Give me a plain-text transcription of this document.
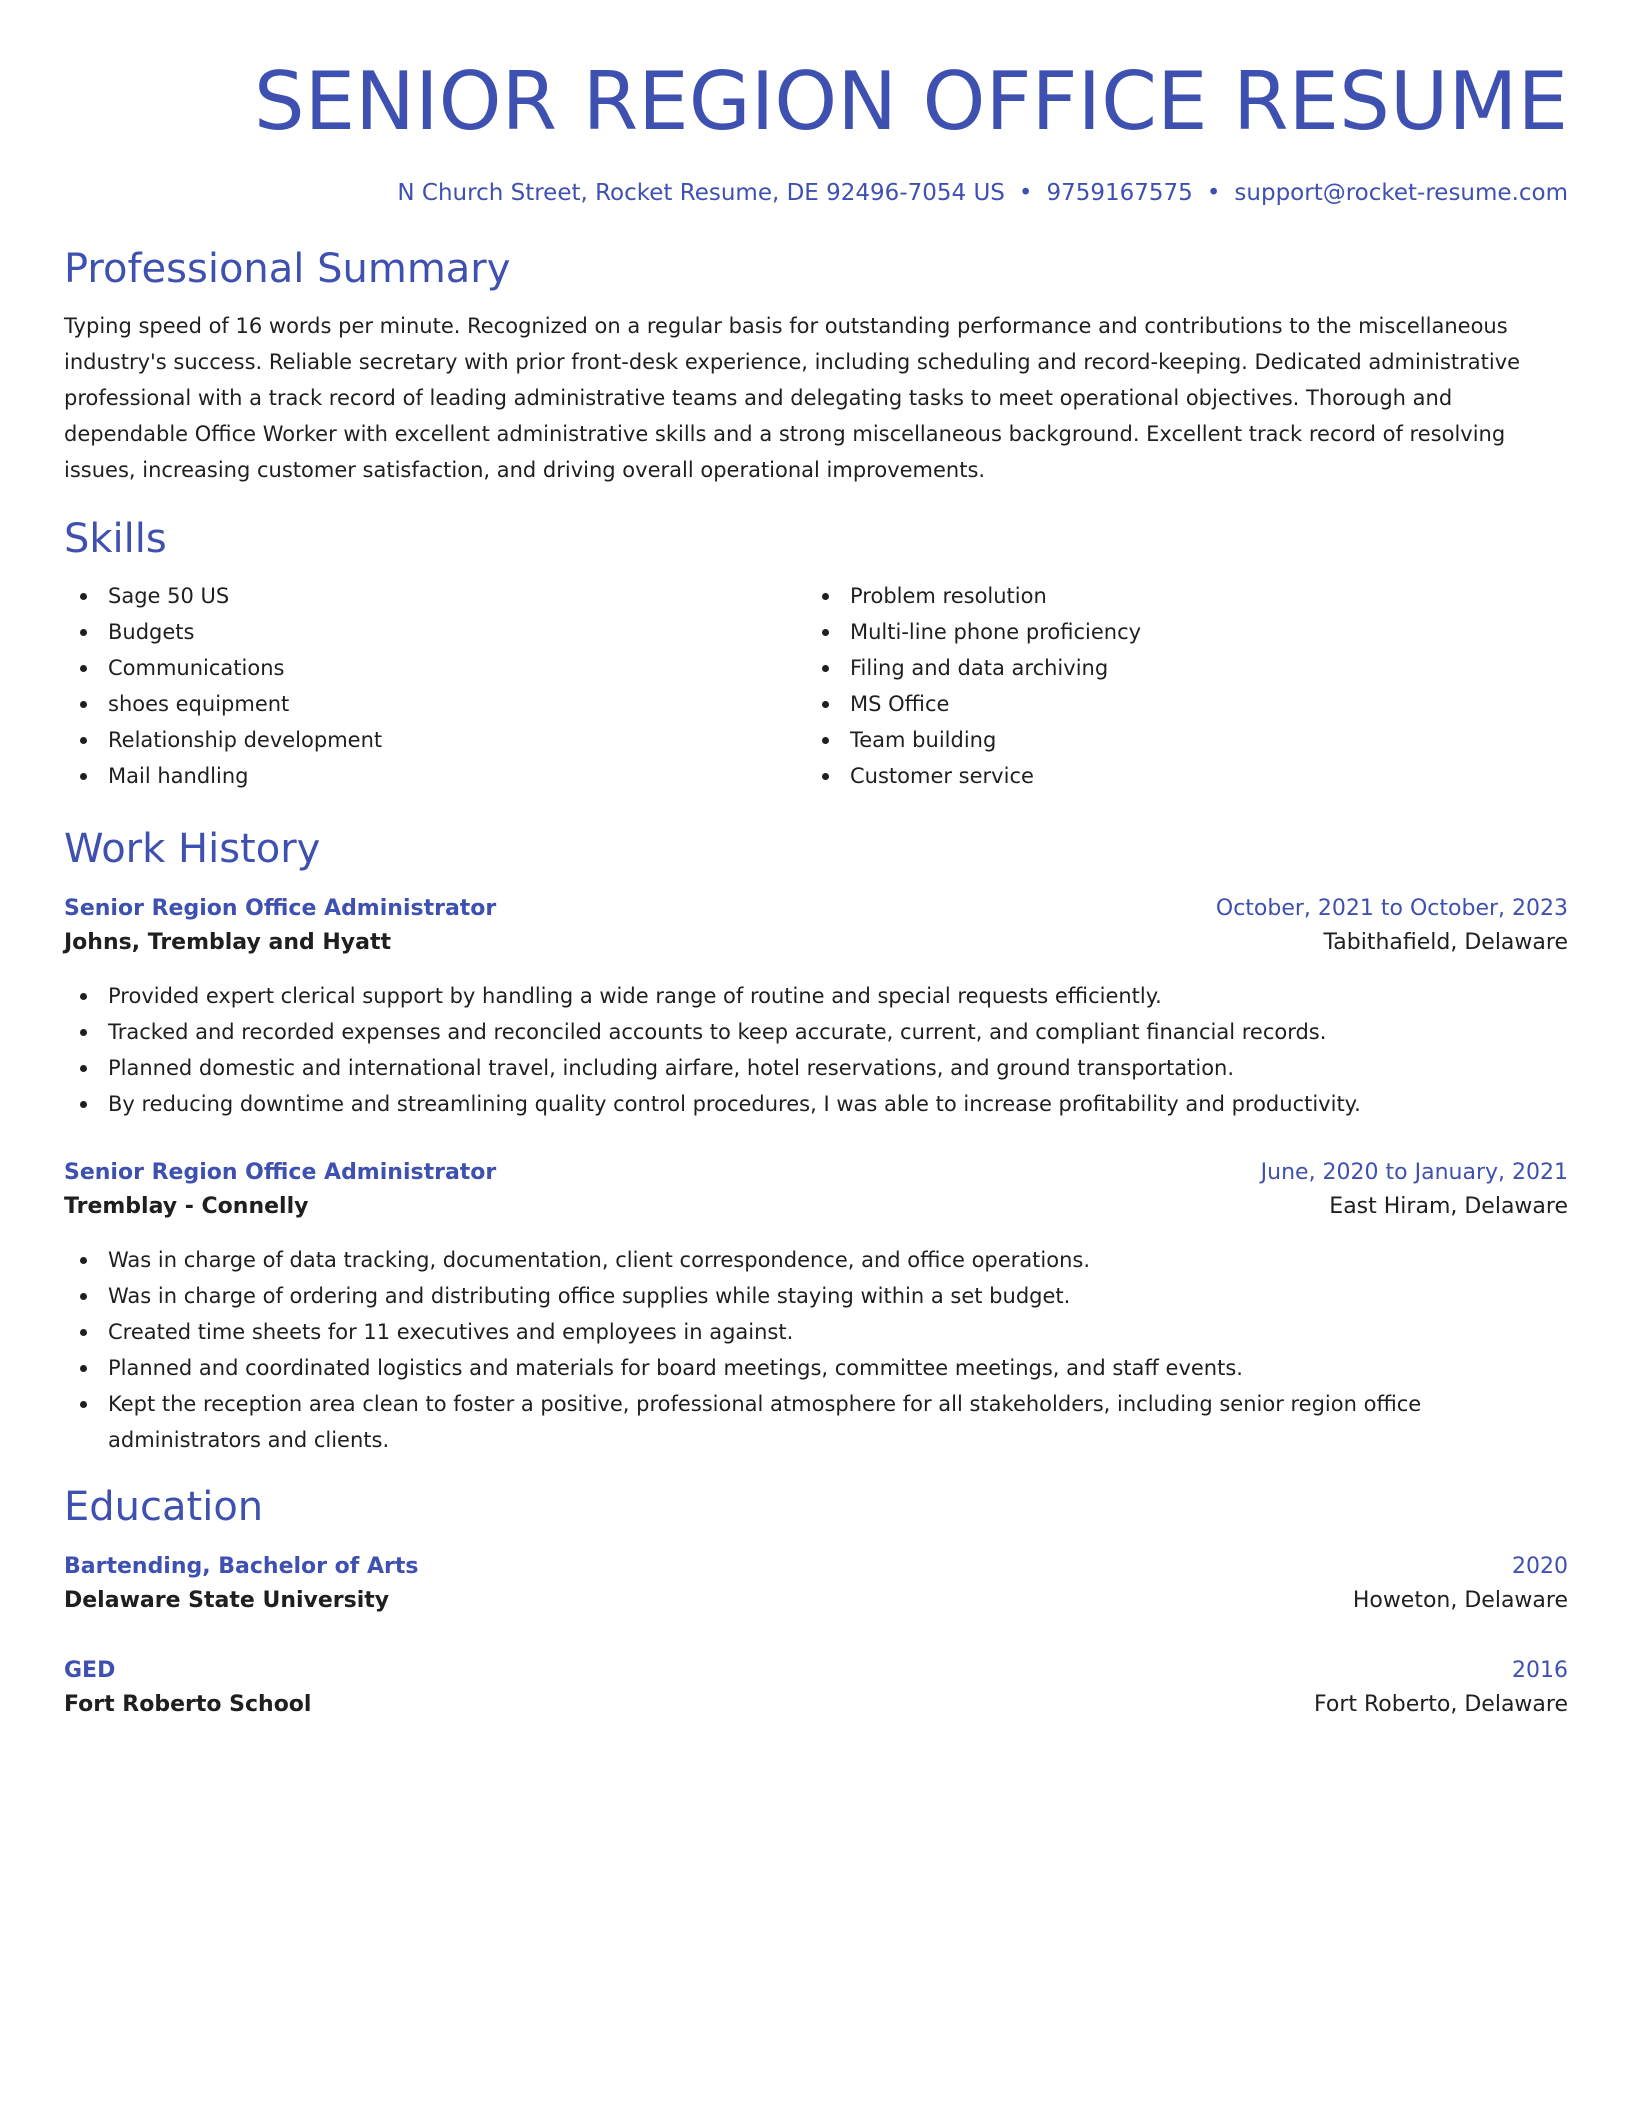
SENIOR REGION OFFICE RESUME
N Church Street, Rocket Resume, DE 92496-7054 US • 9759167575 • support@rocket-resume.com
Professional Summary

Typing speed of 16 words per minute. Recognized on a regular basis for outstanding performance and contributions to the miscellaneous industry's success. Reliable secretary with prior front-desk experience, including scheduling and record-keeping. Dedicated administrative professional with a track record of leading administrative teams and delegating tasks to meet operational objectives. Thorough and dependable Office Worker with excellent administrative skills and a strong miscellaneous background. Excellent track record of resolving issues, increasing customer satisfaction, and driving overall operational improvements.

Skills
Sage 50 US
Budgets
Communications
shoes equipment
Relationship development
Mail handling
Problem resolution
Multi-line phone proficiency
Filing and data archiving
MS Office
Team building
Customer service
Work History
Senior Region Office Administrator	October, 2021 to October, 2023
Johns, Tremblay and Hyatt	Tabithafield, Delaware
Provided expert clerical support by handling a wide range of routine and special requests efficiently.
Tracked and recorded expenses and reconciled accounts to keep accurate, current, and compliant financial records.
Planned domestic and international travel, including airfare, hotel reservations, and ground transportation.
By reducing downtime and streamlining quality control procedures, I was able to increase profitability and productivity.
Senior Region Office Administrator	June, 2020 to January, 2021
Tremblay - Connelly	East Hiram, Delaware
Was in charge of data tracking, documentation, client correspondence, and office operations.
Was in charge of ordering and distributing office supplies while staying within a set budget.
Created time sheets for 11 executives and employees in against.
Planned and coordinated logistics and materials for board meetings, committee meetings, and staff events.
Kept the reception area clean to foster a positive, professional atmosphere for all stakeholders, including senior region office administrators and clients.
Education
Bartending, Bachelor of Arts	2020
Delaware State University	Howeton, Delaware
GED	2016
Fort Roberto School	Fort Roberto, Delaware
